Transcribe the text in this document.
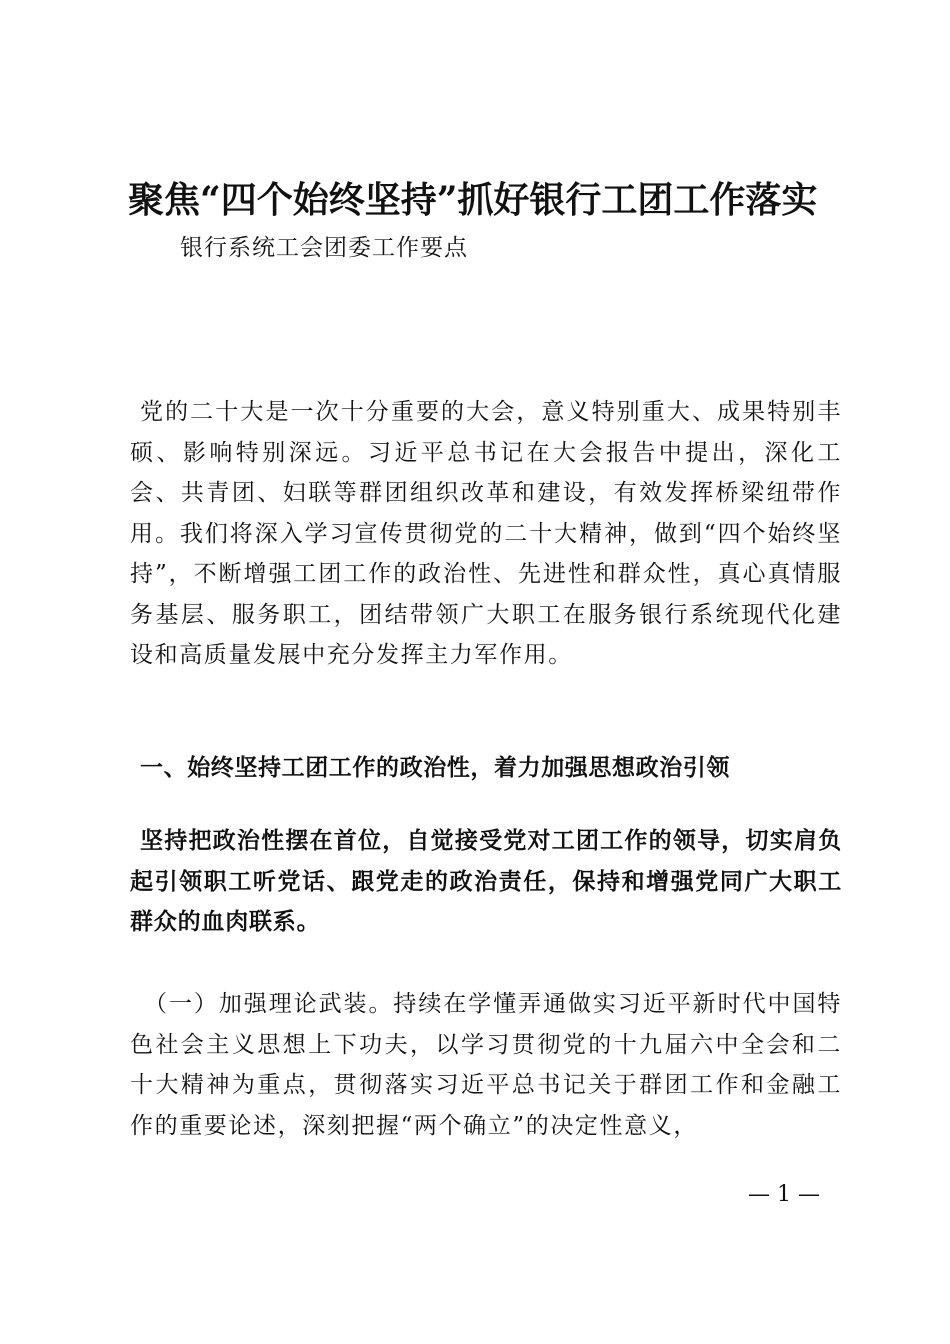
聚焦“四个始终坚持”抓好银行工团工作落实
银行系统工会团委工作要点

党的二十大是一次十分重要的大会，意义特别重大、成果特别丰硕、影响特别深远。习近平总书记在大会报告中提出，深化工会、共青团、妇联等群团组织改革和建设，有效发挥桥梁纽带作用。我们将深入学习宣传贯彻党的二十大精神，做到“四个始终坚持”，不断增强工团工作的政治性、先进性和群众性，真心真情服务基层、服务职工，团结带领广大职工在服务银行系统现代化建设和高质量发展中充分发挥主力军作用。

一、始终坚持工团工作的政治性，着力加强思想政治引领

坚持把政治性摆在首位，自觉接受党对工团工作的领导，切实肩负起引领职工听党话、跟党走的政治责任，保持和增强党同广大职工群众的血肉联系。

（一）加强理论武装。持续在学懂弄通做实习近平新时代中国特色社会主义思想上下功夫，以学习贯彻党的十九届六中全会和二十大精神为重点，贯彻落实习近平总书记关于群团工作和金融工作的重要论述，深刻把握“两个确立”的决定性意义，

— 1 —
